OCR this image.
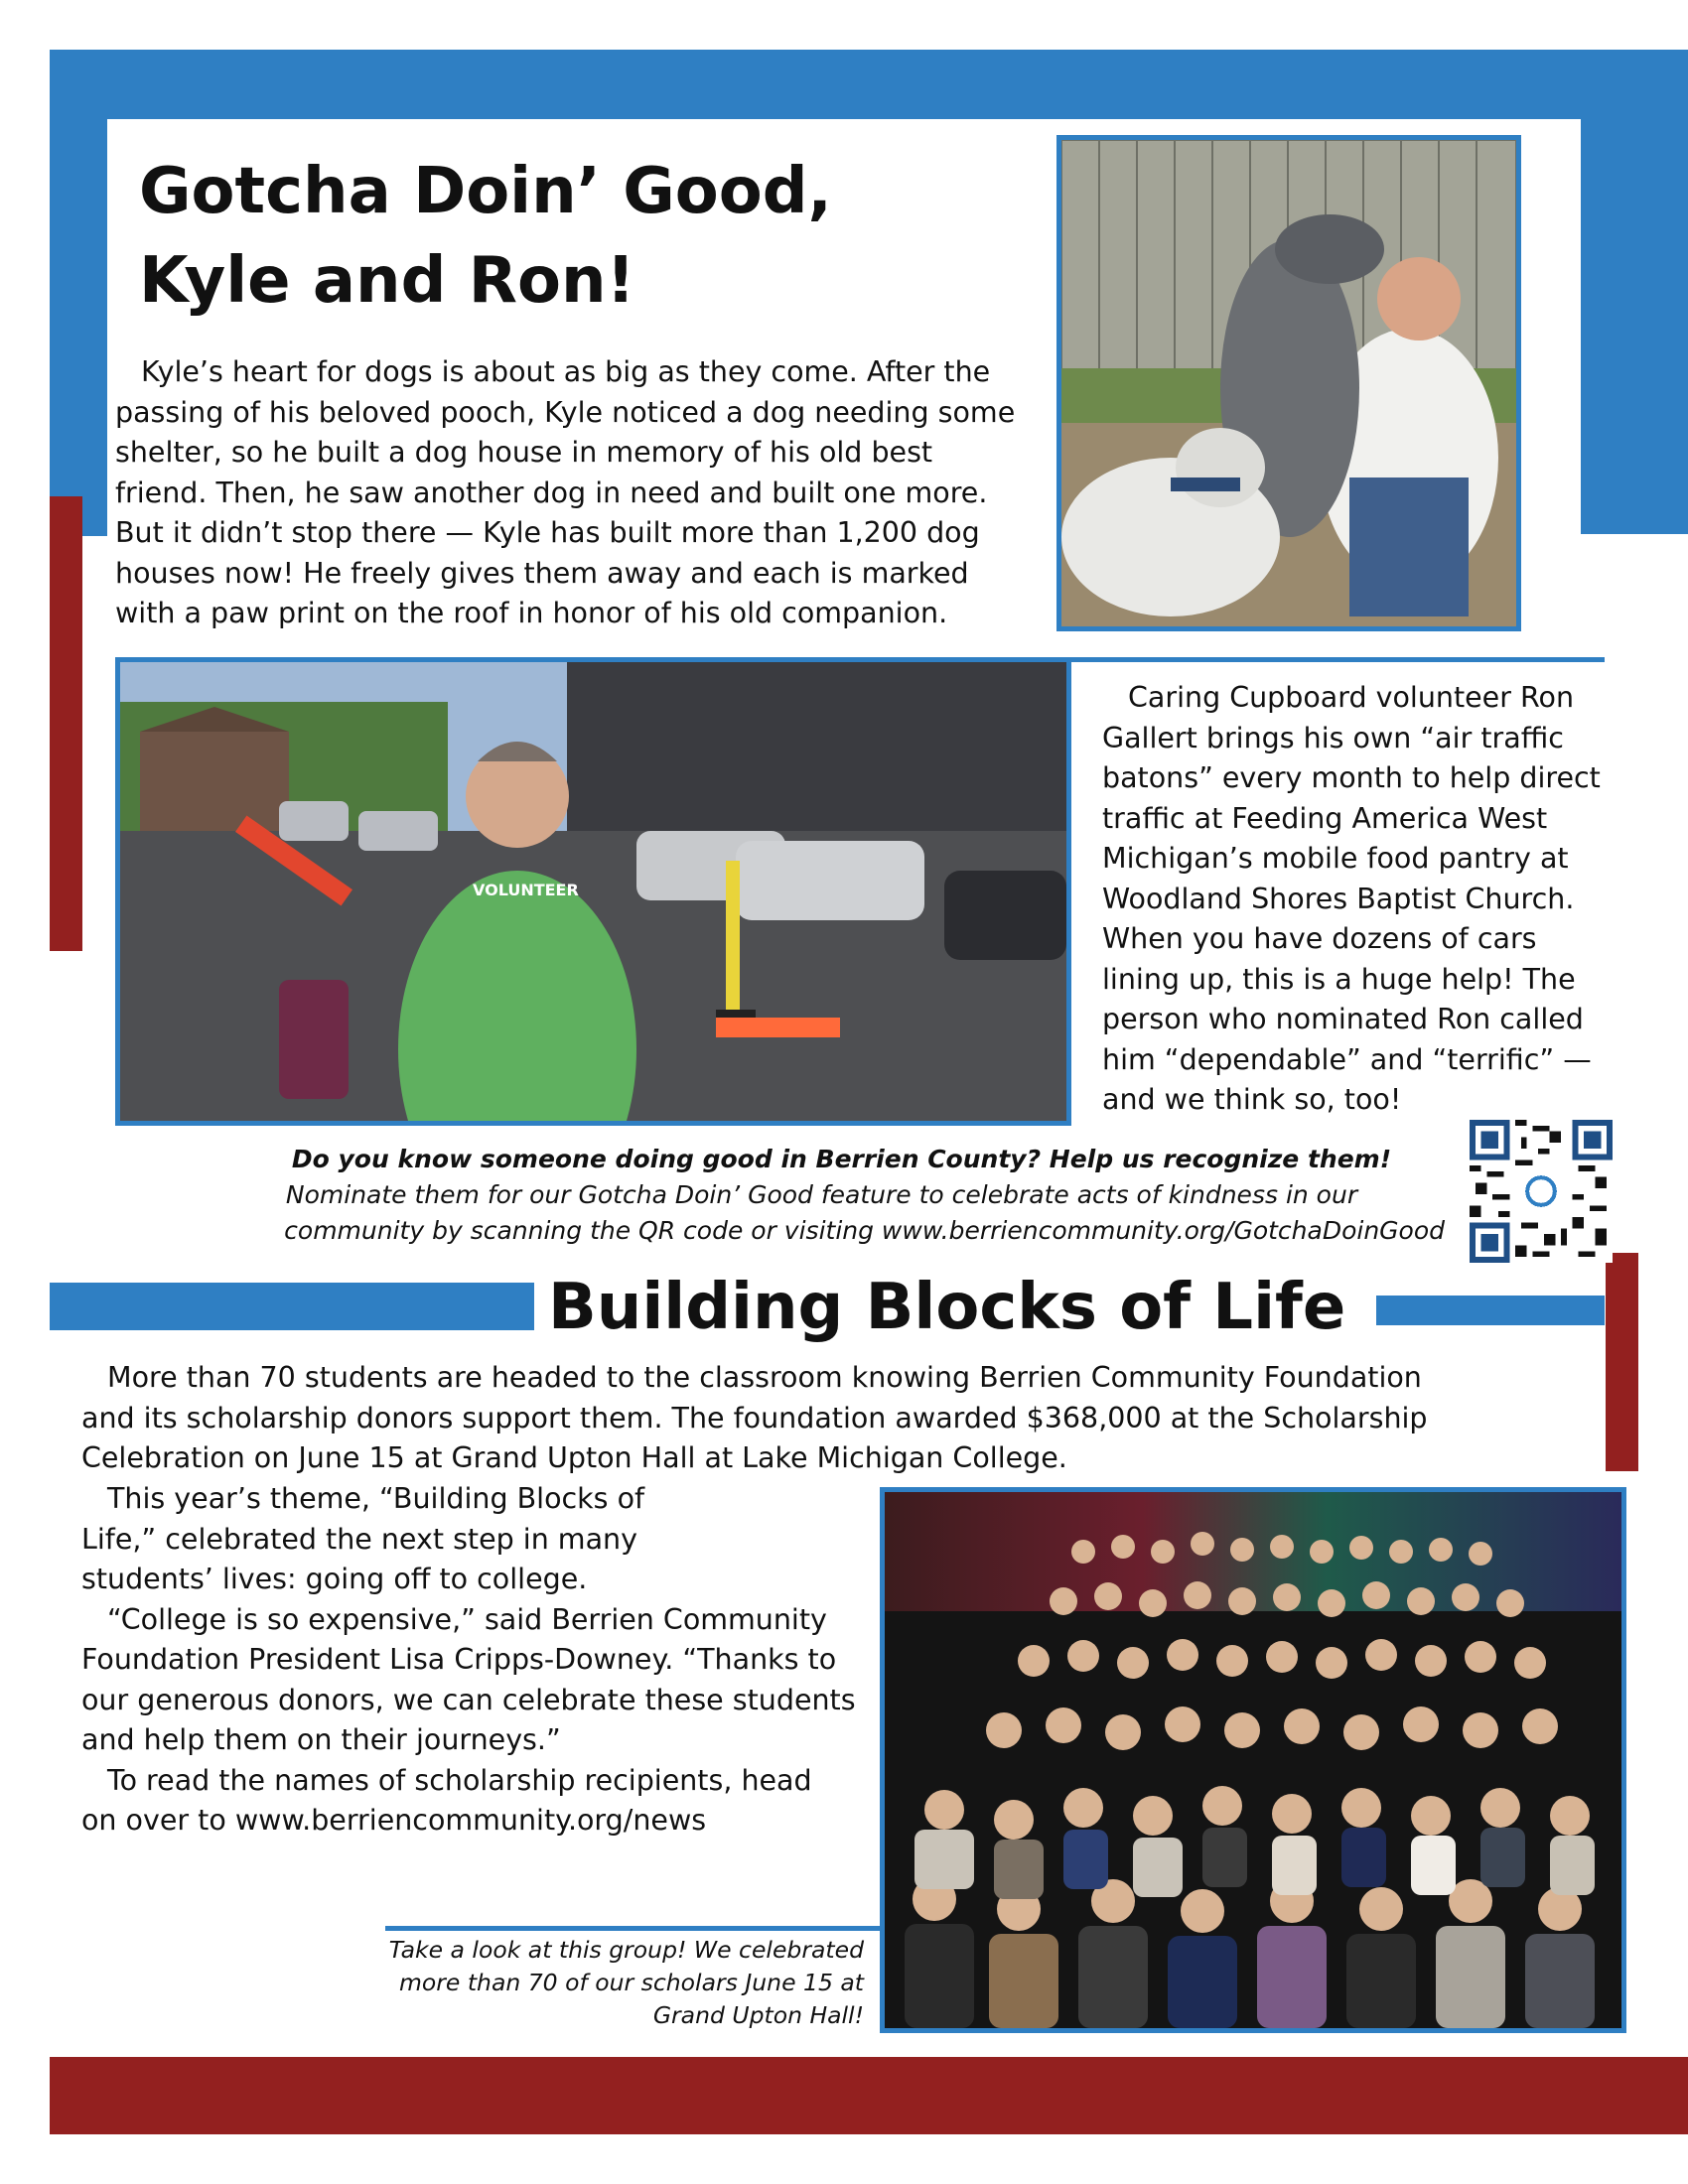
Gotcha Doin’ Good,
Kyle and Ron!

Kyle’s heart for dogs is about as big as they come. After the passing of his beloved pooch, Kyle noticed a dog needing some shelter, so he built a dog house in memory of his old best friend. Then, he saw another dog in need and built one more. But it didn’t stop there — Kyle has built more than 1,200 dog houses now! He freely gives them away and each is marked with a paw print on the roof in honor of his old companion.

VOLUNTEER

Caring Cupboard volunteer Ron Gallert brings his own “air traffic batons” every month to help direct traffic at Feeding America West Michigan’s mobile food pantry at Woodland Shores Baptist Church. When you have dozens of cars lining up, this is a huge help! The person who nominated Ron called him “dependable” and “terrific” — and we think so, too!

Do you know someone doing good in Berrien County? Help us recognize them!
Nominate them for our Gotcha Doin’ Good feature to celebrate acts of kindness in our
community by scanning the QR code or visiting www.berriencommunity.org/GotchaDoinGood
Building Blocks of Life

More than 70 students are headed to the classroom knowing Berrien Community Foundation and its scholarship donors support them. The foundation awarded $368,000 at the Scholarship Celebration on June 15 at Grand Upton Hall at Lake Michigan College.

This year’s theme, “Building Blocks of Life,” celebrated the next step in many students’ lives: going off to college.

“College is so expensive,” said Berrien Community Foundation President Lisa Cripps-Downey. “Thanks to our generous donors, we can celebrate these students and help them on their journeys.”

To read the names of scholarship recipients, head on over to www.berriencommunity.org/news

Take a look at this group! We celebrated more than 70 of our scholars June 15 at Grand Upton Hall!
